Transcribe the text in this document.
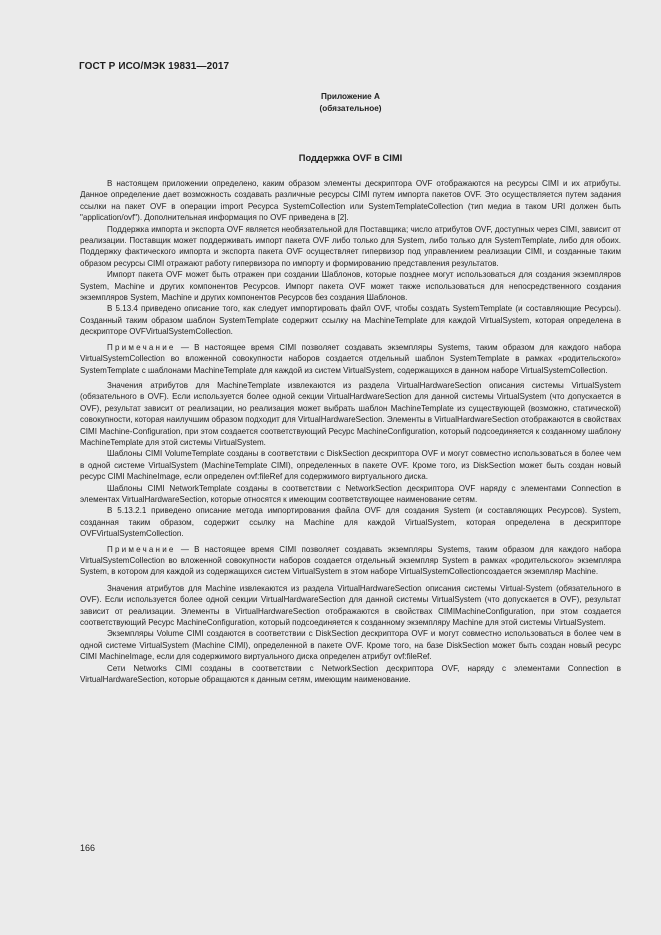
ГОСТ Р ИСО/МЭК 19831—2017
Приложение А
(обязательное)
Поддержка OVF в CIMI

В настоящем приложении определено, каким образом элементы дескриптора OVF отображаются на ресурсы CIMI и их атрибуты. Данное определение дает возможность создавать различные ресурсы CIMI путем импорта пакетов OVF. Это осуществляется путем задания ссылки на пакет OVF в операции import Ресурса SystemCollection или SystemTemplateCollection (тип медиа в таком URI должен быть "application/ovf"). Дополнительная информация по OVF приведена в [2].

Поддержка импорта и экспорта OVF является необязательной для Поставщика; число атрибутов OVF, доступных через CIMI, зависит от реализации. Поставщик может поддерживать импорт пакета OVF либо только для System, либо только для SystemTemplate, либо для обоих. Поддержку фактического импорта и экспорта пакета OVF осуществляет гипервизор под управлением реализации CIMI, и созданные таким образом ресурсы CIMI отражают работу гипервизора по импорту и формированию представления результатов.

Импорт пакета OVF может быть отражен при создании Шаблонов, которые позднее могут использоваться для создания экземпляров System, Machine и других компонентов Ресурсов. Импорт пакета OVF может также использоваться для непосредственного создания экземпляров System, Machine и других компонентов Ресурсов без создания Шаблонов.

В 5.13.4 приведено описание того, как следует импортировать файл OVF, чтобы создать SystemTemplate (и составляющие Ресурсы). Созданный таким образом шаблон SystemTemplate содержит ссылку на MachineTemplate для каждой VirtualSystem, которая определена в дескрипторе OVFVirtualSystemCollection.

Примечание — В настоящее время CIMI позволяет создавать экземпляры Systems, таким образом для каждого набора VirtualSystemCollection во вложенной совокупности наборов создается отдельный шаблон SystemTemplate в рамках «родительского» SystemTemplate с шаблонами MachineTemplate для каждой из систем VirtualSystem, содержащихся в данном наборе VirtualSystemCollection.

Значения атрибутов для MachineTemplate извлекаются из раздела VirtualHardwareSection описания системы VirtualSystem (обязательного в OVF). Если используется более одной секции VirtualHardwareSection для данной системы VirtualSystem (что допускается в OVF), результат зависит от реализации, но реализация может выбрать шаблон MachineTemplate из существующей (возможно, статической) совокупности, которая наилучшим образом подходит для VirtualHardwareSection. Элементы в VirtualHardwareSection отображаются в свойствах CIMI Machine-Configuration, при этом создается соответствующий Ресурс MachineConfiguration, который подсоединяется к созданному шаблону MachineTemplate для этой системы VirtualSystem.

Шаблоны CIMI VolumeTemplate созданы в соответствии с DiskSection дескриптора OVF и могут совместно использоваться в более чем в одной системе VirtualSystem (MachineTemplate CIMI), определенных в пакете OVF. Кроме того, из DiskSection может быть создан новый ресурс CIMI MachineImage, если определен ovf:fileRef для содержимого виртуального диска.

Шаблоны CIMI NetworkTemplate созданы в соответствии с NetworkSection дескриптора OVF наряду с элементами Connection в элементах VirtualHardwareSection, которые относятся к имеющим соответствующее наименование сетям.

В 5.13.2.1 приведено описание метода импортирования файла OVF для создания System (и составляющих Ресурсов). System, созданная таким образом, содержит ссылку на Machine для каждой VirtualSystem, которая определена в дескрипторе OVFVirtualSystemCollection.

Примечание — В настоящее время CIMI позволяет создавать экземпляры Systems, таким образом для каждого набора VirtualSystemCollection во вложенной совокупности наборов создается отдельный экземпляр System в рамках «родительского» экземпляра System, в котором для каждой из содержащихся систем VirtualSystem в этом наборе VirtualSystemCollectionсоздается экземпляр Machine.

Значения атрибутов для Machine извлекаются из раздела VirtualHardwareSection описания системы Virtual-System (обязательного в OVF). Если используется более одной секции VirtualHardwareSection для данной системы VirtualSystem (что допускается в OVF), результат зависит от реализации. Элементы в VirtualHardwareSection отображаются в свойствах CIMIMachineConfiguration, при этом создается соответствующий Ресурс MachineConfiguration, который подсоединяется к созданному экземпляру Machine для этой системы VirtualSystem.

Экземпляры Volume CIMI создаются в соответствии с DiskSection дескриптора OVF и могут совместно использоваться в более чем в одной системе VirtualSystem (Machine CIMI), определенной в пакете OVF. Кроме того, на базе DiskSection может быть создан новый ресурс CIMI MachineImage, если для содержимого виртуального диска определен атрибут ovf:fileRef.

Сети Networks CIMI созданы в соответствии с NetworkSection дескриптора OVF, наряду с элементами Connection в VirtualHardwareSection, которые обращаются к данным сетям, имеющим наименование.

166
